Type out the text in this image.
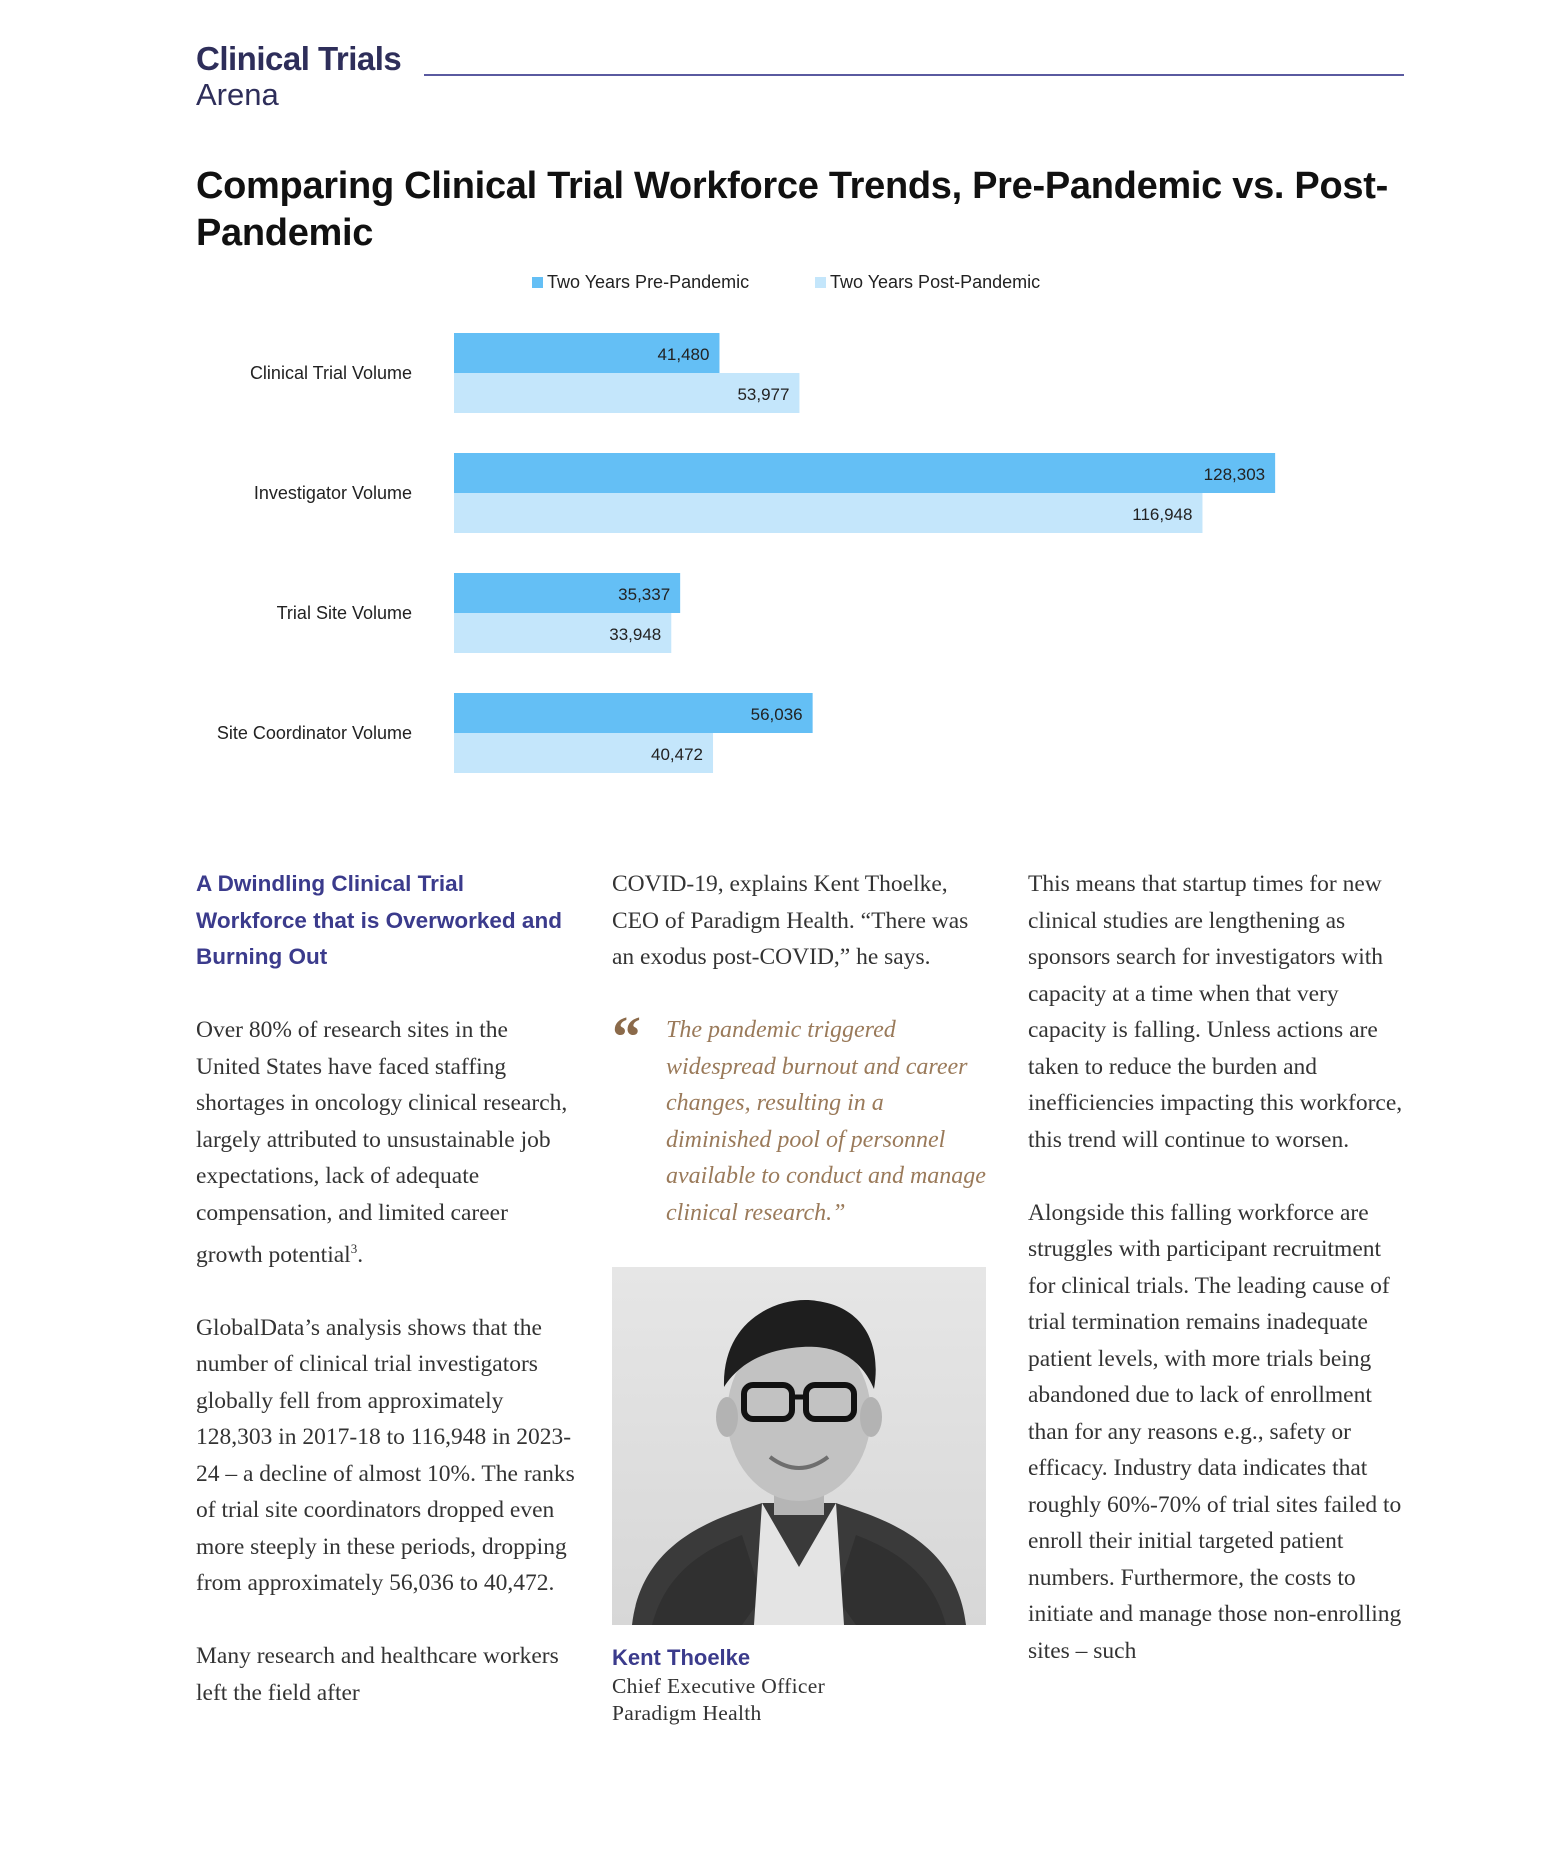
Clinical Trials
Arena
Comparing Clinical Trial Workforce Trends, Pre-Pandemic vs. Post-Pandemic
Two Years Pre-Pandemic	Two Years Post-Pandemic
Clinical Trial Volume
41,480
53,977
Investigator Volume
128,303
116,948
Trial Site Volume
35,337
33,948
Site Coordinator Volume
56,036
40,472
A Dwindling Clinical Trial Workforce that is Overworked and Burning Out

Over 80% of research sites in the United States have faced staffing shortages in oncology clinical research, largely attributed to unsustainable job expectations, lack of adequate compensation, and limited career growth potential$^3$.

GlobalData’s analysis shows that the number of clinical trial investigators globally fell from approximately 128,303 in 2017-18 to 116,948 in 2023-24 – a decline of almost 10%. The ranks of trial site coordinators dropped even more steeply in these periods, dropping from approximately 56,036 to 40,472.

Many research and healthcare workers left the field after

COVID-19, explains Kent Thoelke, CEO of Paradigm Health. “There was an exodus post-COVID,” he says.

“ The pandemic triggered widespread burnout and career changes, resulting in a diminished pool of personnel available to conduct and manage clinical research.”
Kent Thoelke
Chief Executive Officer
Paradigm Health

This means that startup times for new clinical studies are lengthening as sponsors search for investigators with capacity at a time when that very capacity is falling. Unless actions are taken to reduce the burden and inefficiencies impacting this workforce, this trend will continue to worsen.

Alongside this falling workforce are struggles with participant recruitment for clinical trials. The leading cause of trial termination remains inadequate patient levels, with more trials being abandoned due to lack of enrollment than for any reasons e.g., safety or efficacy. Industry data indicates that roughly 60%-70% of trial sites failed to enroll their initial targeted patient numbers. Furthermore, the costs to initiate and manage those non-enrolling sites – such
